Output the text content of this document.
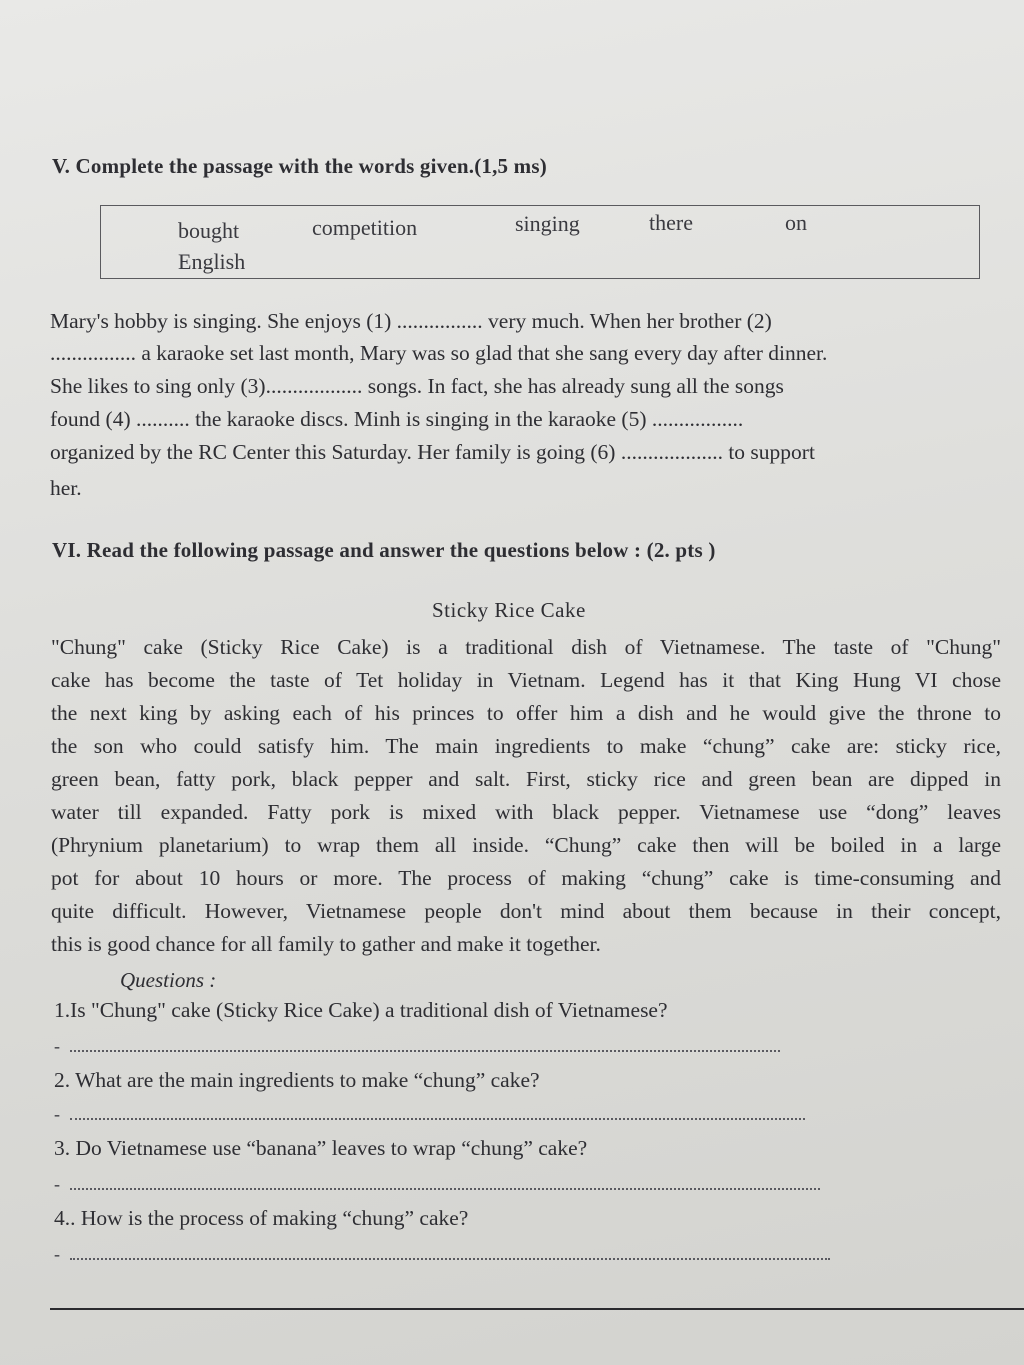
V. Complete the passage with the words given.(1,5 ms)
bought	competition	singing	there	on
English
Mary's hobby is singing. She enjoys (1) ................ very much. When her brother (2)
................ a karaoke set last month, Mary was so glad that she sang every day after dinner.
She likes to sing only (3).................. songs. In fact, she has already sung all the songs
found (4) .......... the karaoke discs. Minh is singing in the karaoke (5) .................
organized by the RC Center this Saturday. Her family is going (6) ................... to support
her.
VI. Read the following passage and answer the questions below : (2. pts )
Sticky Rice Cake
"Chung" cake (Sticky Rice Cake) is a traditional dish of Vietnamese. The taste of "Chung"
cake has become the taste of Tet holiday in Vietnam. Legend has it that King Hung VI chose
the next king by asking each of his princes to offer him a dish and he would give the throne to
the son who could satisfy him. The main ingredients to make “chung” cake are: sticky rice,
green bean, fatty pork, black pepper and salt. First, sticky rice and green bean are dipped in
water till expanded. Fatty pork is mixed with black pepper. Vietnamese use “dong” leaves
(Phrynium planetarium) to wrap them all inside. “Chung” cake then will be boiled in a large
pot for about 10 hours or more. The process of making “chung” cake is time-consuming and
quite difficult. However, Vietnamese people don't mind about them because in their concept,
this is good chance for all family to gather and make it together.
Questions :
1.Is "Chung" cake (Sticky Rice Cake) a traditional dish of Vietnamese?
-
2. What are the main ingredients to make “chung” cake?
-
3. Do Vietnamese use “banana” leaves to wrap “chung” cake?
-
4.. How is the process of making “chung” cake?
-
